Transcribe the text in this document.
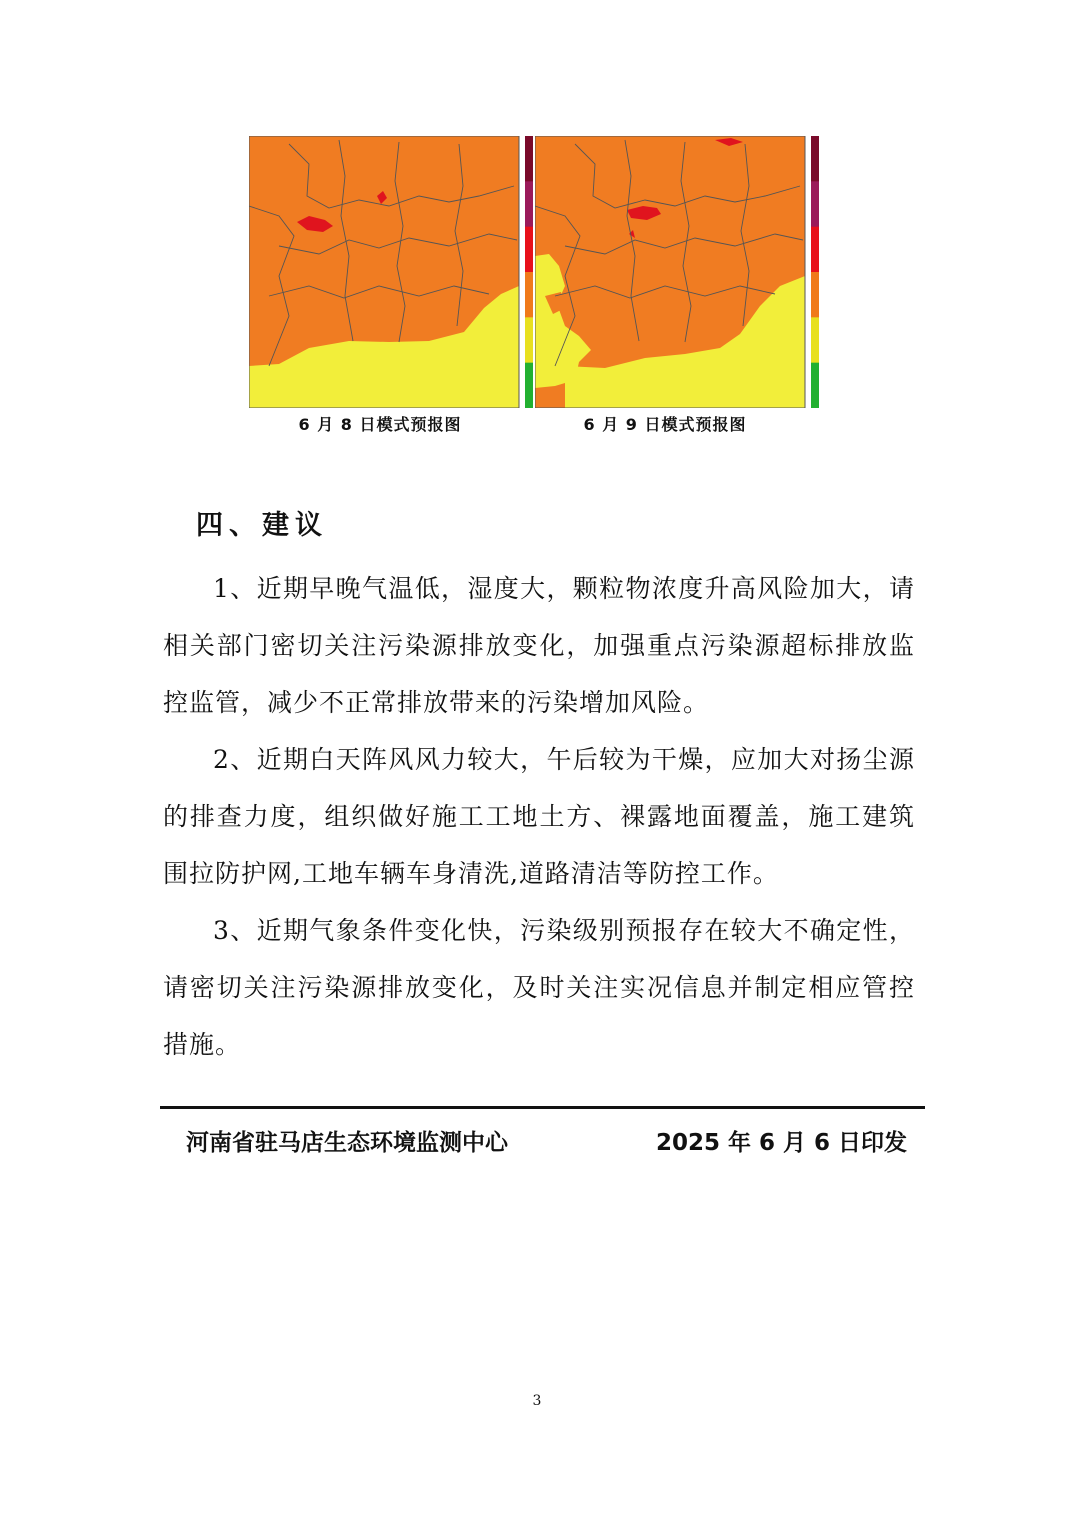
6 月 8 日模式预报图	6 月 9 日模式预报图
四、建议

1、近期早晚气温低，湿度大，颗粒物浓度升高风险加大，请相关部门密切关注污染源排放变化，加强重点污染源超标排放监控监管，减少不正常排放带来的污染增加风险。

2、近期白天阵风风力较大，午后较为干燥，应加大对扬尘源的排查力度，组织做好施工工地土方、裸露地面覆盖，施工建筑围拉防护网,工地车辆车身清洗,道路清洁等防控工作。

3、近期气象条件变化快，污染级别预报存在较大不确定性，请密切关注污染源排放变化，及时关注实况信息并制定相应管控措施。

河南省驻马店生态环境监测中心	2025 年 6 月 6 日印发
3
